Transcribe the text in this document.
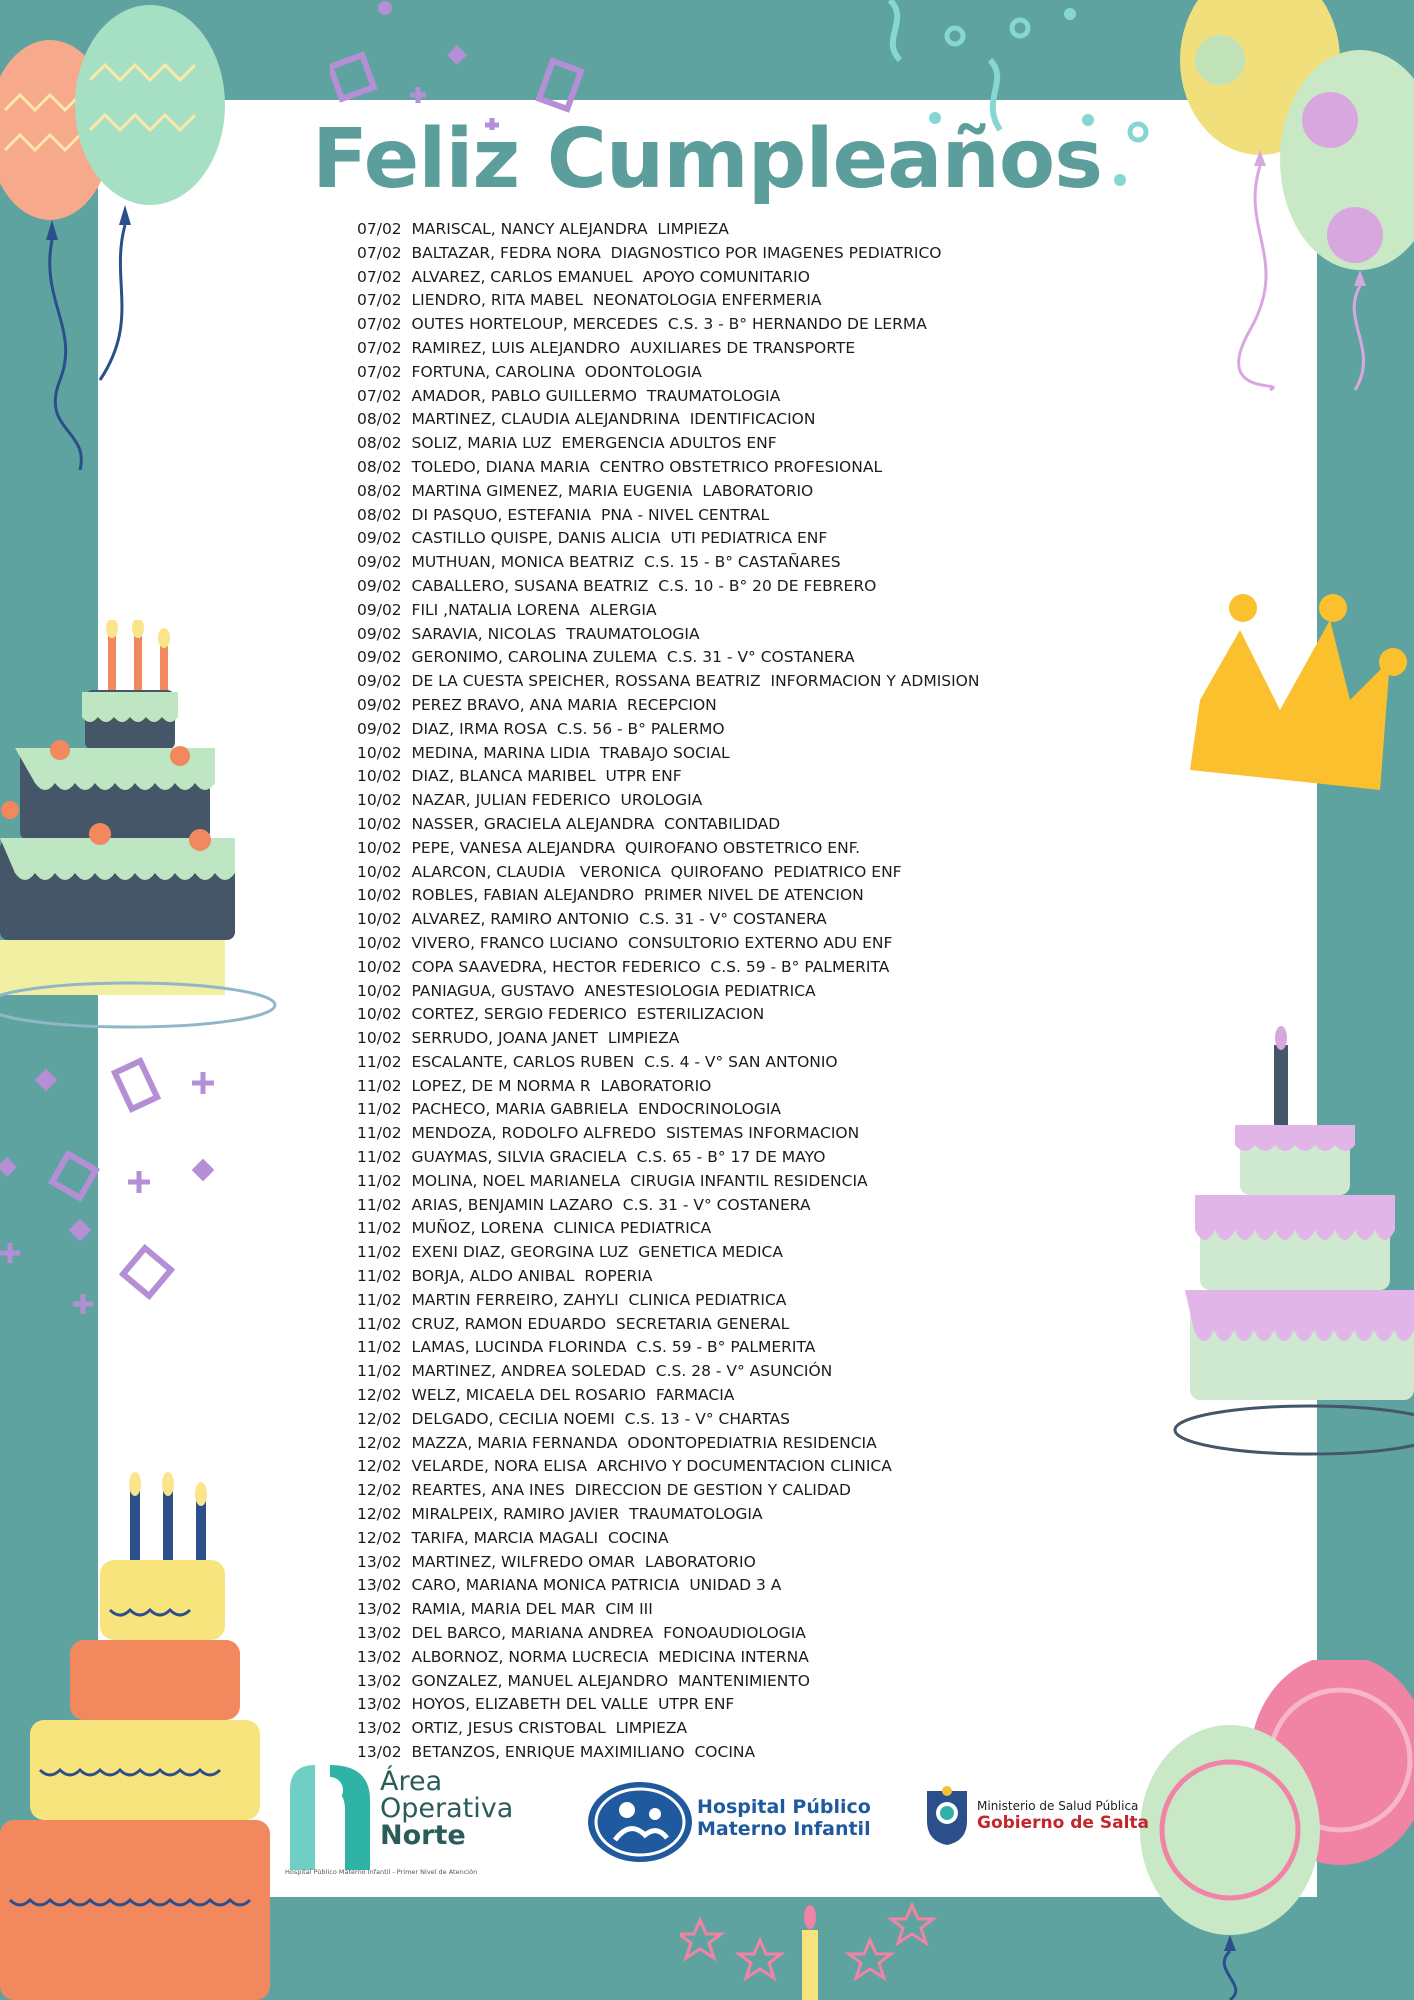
Feliz Cumpleaños
07/02  MARISCAL, NANCY ALEJANDRA  LIMPIEZA
07/02  BALTAZAR, FEDRA NORA  DIAGNOSTICO POR IMAGENES PEDIATRICO
07/02  ALVAREZ, CARLOS EMANUEL  APOYO COMUNITARIO
07/02  LIENDRO, RITA MABEL  NEONATOLOGIA ENFERMERIA
07/02  OUTES HORTELOUP, MERCEDES  C.S. 3 - B° HERNANDO DE LERMA
07/02  RAMIREZ, LUIS ALEJANDRO  AUXILIARES DE TRANSPORTE
07/02  FORTUNA, CAROLINA  ODONTOLOGIA
07/02  AMADOR, PABLO GUILLERMO  TRAUMATOLOGIA
08/02  MARTINEZ, CLAUDIA ALEJANDRINA  IDENTIFICACION
08/02  SOLIZ, MARIA LUZ  EMERGENCIA ADULTOS ENF
08/02  TOLEDO, DIANA MARIA  CENTRO OBSTETRICO PROFESIONAL
08/02  MARTINA GIMENEZ, MARIA EUGENIA  LABORATORIO
08/02  DI PASQUO, ESTEFANIA  PNA - NIVEL CENTRAL
09/02  CASTILLO QUISPE, DANIS ALICIA  UTI PEDIATRICA ENF
09/02  MUTHUAN, MONICA BEATRIZ  C.S. 15 - B° CASTAÑARES
09/02  CABALLERO, SUSANA BEATRIZ  C.S. 10 - B° 20 DE FEBRERO
09/02  FILI ,NATALIA LORENA  ALERGIA
09/02  SARAVIA, NICOLAS  TRAUMATOLOGIA
09/02  GERONIMO, CAROLINA ZULEMA  C.S. 31 - V° COSTANERA
09/02  DE LA CUESTA SPEICHER, ROSSANA BEATRIZ  INFORMACION Y ADMISION
09/02  PEREZ BRAVO, ANA MARIA  RECEPCION
09/02  DIAZ, IRMA ROSA  C.S. 56 - B° PALERMO
10/02  MEDINA, MARINA LIDIA  TRABAJO SOCIAL
10/02  DIAZ, BLANCA MARIBEL  UTPR ENF
10/02  NAZAR, JULIAN FEDERICO  UROLOGIA
10/02  NASSER, GRACIELA ALEJANDRA  CONTABILIDAD
10/02  PEPE, VANESA ALEJANDRA  QUIROFANO OBSTETRICO ENF.
10/02  ALARCON, CLAUDIA   VERONICA  QUIROFANO  PEDIATRICO ENF
10/02  ROBLES, FABIAN ALEJANDRO  PRIMER NIVEL DE ATENCION
10/02  ALVAREZ, RAMIRO ANTONIO  C.S. 31 - V° COSTANERA
10/02  VIVERO, FRANCO LUCIANO  CONSULTORIO EXTERNO ADU ENF
10/02  COPA SAAVEDRA, HECTOR FEDERICO  C.S. 59 - B° PALMERITA
10/02  PANIAGUA, GUSTAVO  ANESTESIOLOGIA PEDIATRICA
10/02  CORTEZ, SERGIO FEDERICO  ESTERILIZACION
10/02  SERRUDO, JOANA JANET  LIMPIEZA
11/02  ESCALANTE, CARLOS RUBEN  C.S. 4 - V° SAN ANTONIO
11/02  LOPEZ, DE M NORMA R  LABORATORIO
11/02  PACHECO, MARIA GABRIELA  ENDOCRINOLOGIA
11/02  MENDOZA, RODOLFO ALFREDO  SISTEMAS INFORMACION
11/02  GUAYMAS, SILVIA GRACIELA  C.S. 65 - B° 17 DE MAYO
11/02  MOLINA, NOEL MARIANELA  CIRUGIA INFANTIL RESIDENCIA
11/02  ARIAS, BENJAMIN LAZARO  C.S. 31 - V° COSTANERA
11/02  MUÑOZ, LORENA  CLINICA PEDIATRICA
11/02  EXENI DIAZ, GEORGINA LUZ  GENETICA MEDICA
11/02  BORJA, ALDO ANIBAL  ROPERIA
11/02  MARTIN FERREIRO, ZAHYLI  CLINICA PEDIATRICA
11/02  CRUZ, RAMON EDUARDO  SECRETARIA GENERAL
11/02  LAMAS, LUCINDA FLORINDA  C.S. 59 - B° PALMERITA
11/02  MARTINEZ, ANDREA SOLEDAD  C.S. 28 - V° ASUNCIÓN
12/02  WELZ, MICAELA DEL ROSARIO  FARMACIA
12/02  DELGADO, CECILIA NOEMI  C.S. 13 - V° CHARTAS
12/02  MAZZA, MARIA FERNANDA  ODONTOPEDIATRIA RESIDENCIA
12/02  VELARDE, NORA ELISA  ARCHIVO Y DOCUMENTACION CLINICA
12/02  REARTES, ANA INES  DIRECCION DE GESTION Y CALIDAD
12/02  MIRALPEIX, RAMIRO JAVIER  TRAUMATOLOGIA
12/02  TARIFA, MARCIA MAGALI  COCINA
13/02  MARTINEZ, WILFREDO OMAR  LABORATORIO
13/02  CARO, MARIANA MONICA PATRICIA  UNIDAD 3 A
13/02  RAMIA, MARIA DEL MAR  CIM III
13/02  DEL BARCO, MARIANA ANDREA  FONOAUDIOLOGIA
13/02  ALBORNOZ, NORMA LUCRECIA  MEDICINA INTERNA
13/02  GONZALEZ, MANUEL ALEJANDRO  MANTENIMIENTO
13/02  HOYOS, ELIZABETH DEL VALLE  UTPR ENF
13/02  ORTIZ, JESUS CRISTOBAL  LIMPIEZA
13/02  BETANZOS, ENRIQUE MAXIMILIANO  COCINA
Área
Operativa
Norte
Hospital Público Materno Infantil - Primer Nivel de Atención
Hospital Público
Materno Infantil
Ministerio de Salud Pública
Gobierno de Salta
